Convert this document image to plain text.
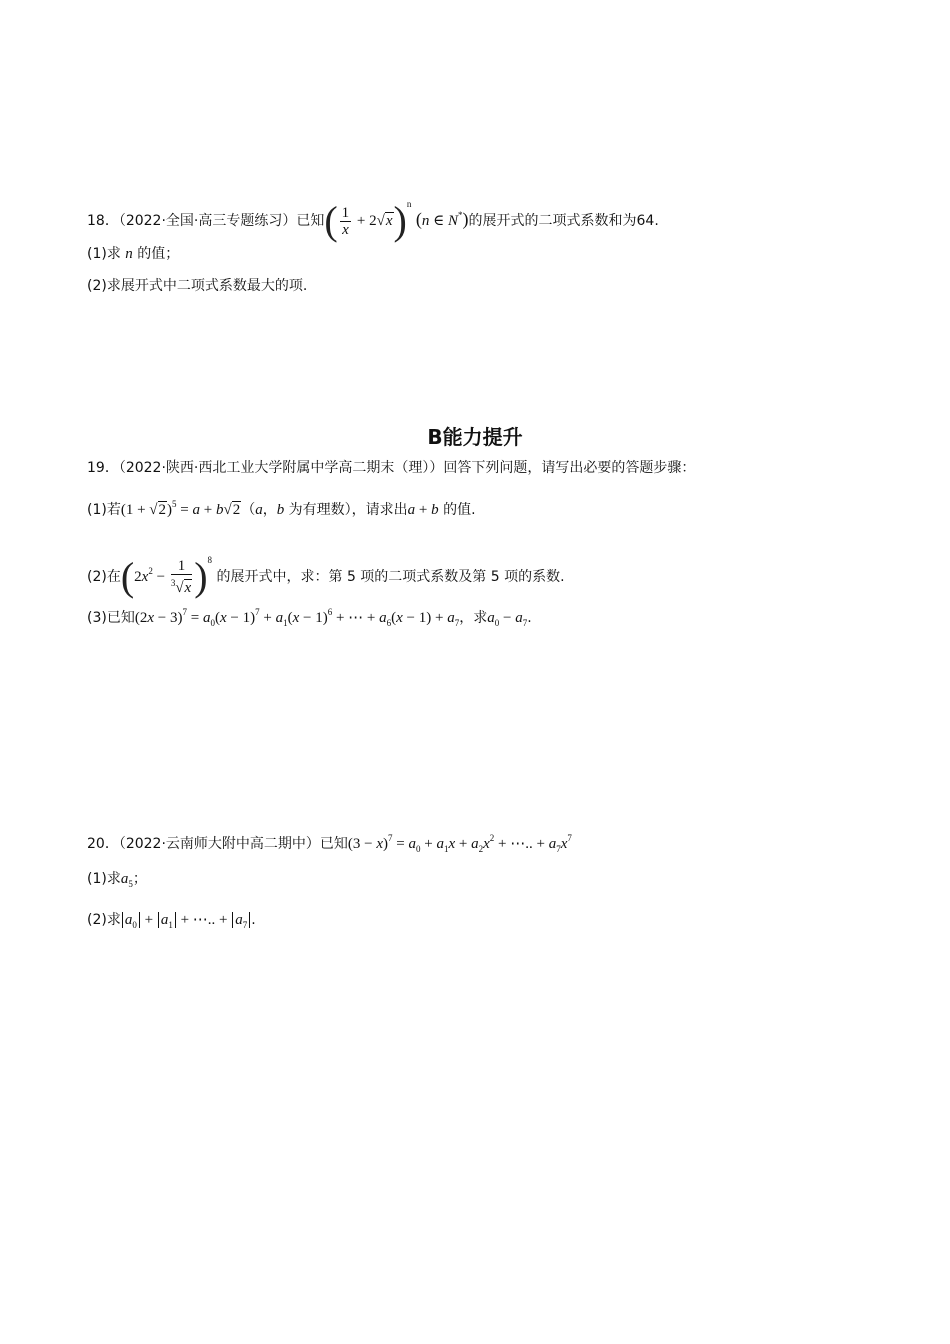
18．（2022·全国·高三专题练习）已知( $\frac{1}{x} + 2√x)^n$ (n ∈ N*)的展开式的二项式系数和为64.
(1)求 n 的值；
(2)求展开式中二项式系数最大的项.
B能力提升
19．（2022·陕西·西北工业大学附属中学高二期末（理））回答下列问题，请写出必要的答题步骤：
(1)若$(1 + √2)^5 = a + b√2(a$，b 为有理数），请求出a + b 的值.
(2)在$(2x^2 - \frac{1}{^3√x} )^8$ 的展开式中，求：第 5 项的二项式系数及第 5 项的系数.
(3)已知$(2x - 3)^7 = a_0(x - 1)^7 + a_1(x - 1)^6$ + ⋯ + $a_6(x - 1) + a_7$，求$a_0 - a_7$.
20．（2022·云南师大附中高二期中）已知$(3 - x)^7 = a_0 + a_1x + a_2x^2$ + ⋯.. + $a_7x^7$
(1)求$a_5$；
(2)求 $a_0 + a_1$ + ⋯.. + $a_7$ .
